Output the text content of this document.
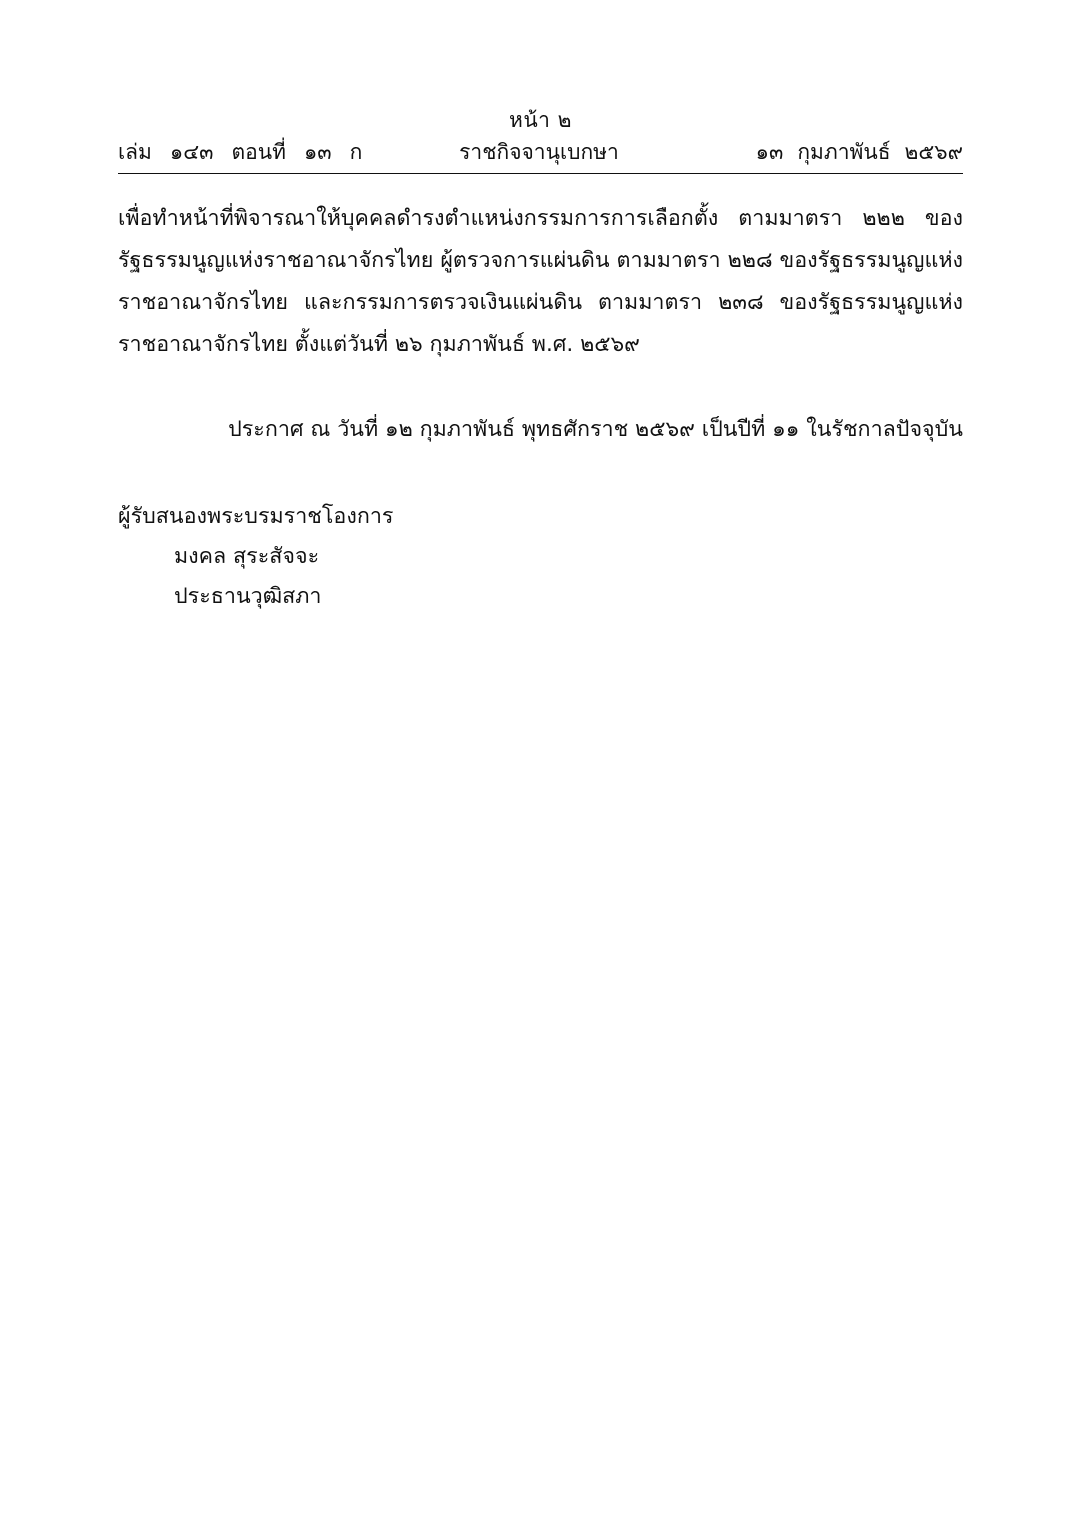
หน้า ๒
เล่ม ๑๔๓ ตอนที่ ๑๓ ก	ราชกิจจานุเบกษา	๑๓ กุมภาพันธ์ ๒๕๖๙

เพื่อทำหน้าที่พิจารณาให้บุคคลดำรงตำแหน่งกรรมการการเลือกตั้ง ตามมาตรา ๒๒๒ ของรัฐธรรมนูญแห่งราชอาณาจักรไทย ผู้ตรวจการแผ่นดิน ตามมาตรา ๒๒๘ ของรัฐธรรมนูญแห่งราชอาณาจักรไทย และกรรมการตรวจเงินแผ่นดิน ตามมาตรา ๒๓๘ ของรัฐธรรมนูญแห่งราชอาณาจักรไทย ตั้งแต่วันที่ ๒๖ กุมภาพันธ์ พ.ศ. ๒๕๖๙

ประกาศ ณ วันที่ ๑๒ กุมภาพันธ์ พุทธศักราช ๒๕๖๙ เป็นปีที่ ๑๑ ในรัชกาลปัจจุบัน
ผู้รับสนองพระบรมราชโองการ
มงคล สุระสัจจะ
ประธานวุฒิสภา
